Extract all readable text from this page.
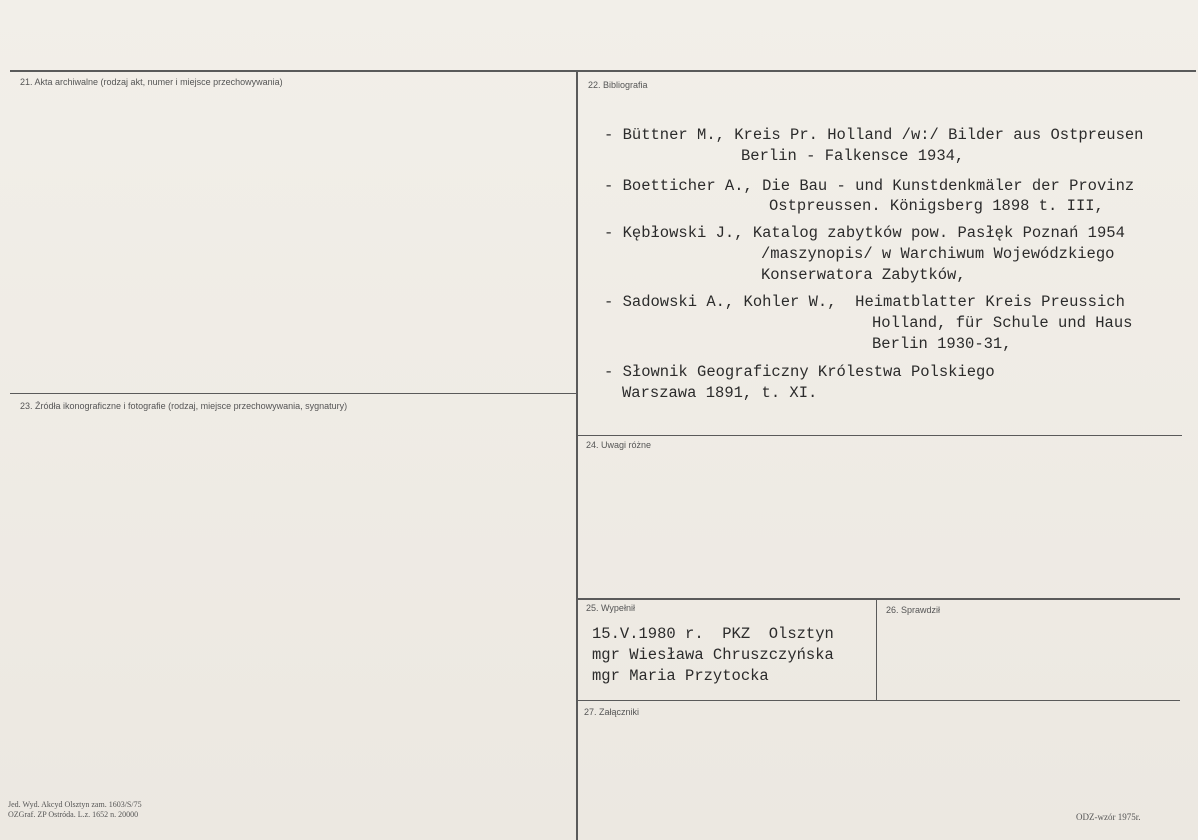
21. Akta archiwalne (rodzaj akt, numer i miejsce przechowywania)	22. Bibliografia
23. Źródła ikonograficzne i fotografie (rodzaj, miejsce przechowywania, sygnatury)
24. Uwagi różne
25. Wypełnił	26. Sprawdził
27. Załączniki
- Büttner M., Kreis Pr. Holland /w:/ Bilder aus Ostpreusen
Berlin - Falkensce 1934,
- Boetticher A., Die Bau - und Kunstdenkmäler der Provinz
Ostpreussen. Königsberg 1898 t. III,
- Kębłowski J., Katalog zabytków pow. Pasłęk Poznań 1954
/maszynopis/ w Warchiwum Wojewódzkiego
Konserwatora Zabytków,
- Sadowski A., Kohler W.,  Heimatblatter Kreis Preussich
Holland, für Schule und Haus
Berlin 1930-31,
- Słownik Geograficzny Królestwa Polskiego
Warszawa 1891, t. XI.
15.V.1980 r.  PKZ  Olsztyn
mgr Wiesława Chruszczyńska
mgr Maria Przytocka
Jed. Wyd. Akcyd Olsztyn zam. 1603/S/75
OZGraf. ZP Ostróda. L.z. 1652 n. 20000	ODZ-wzór 1975r.
